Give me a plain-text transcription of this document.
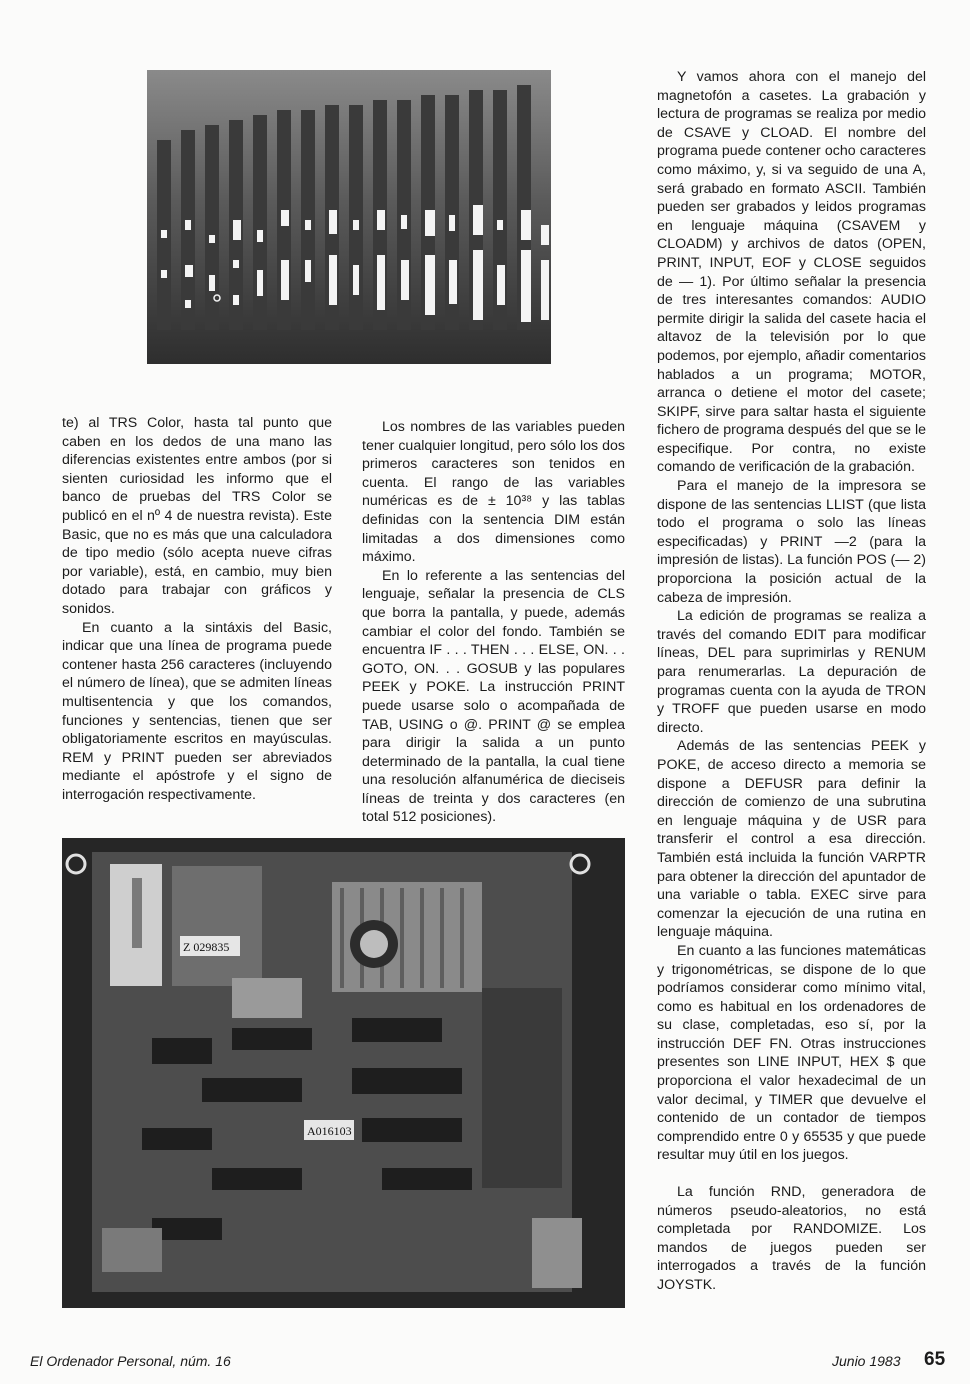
te) al TRS Color, hasta tal punto que caben en los dedos de una mano las diferencias existentes entre ambos (por si sienten curiosidad les informo que el banco de pruebas del TRS Color se publicó en el nº 4 de nuestra revista). Este Basic, que no es más que una calculadora de tipo medio (sólo acepta nueve cifras por variable), está, en cambio, muy bien dotado para trabajar con gráficos y sonidos.

En cuanto a la sintáxis del Basic, indicar que una línea de programa puede contener hasta 256 caracteres (incluyendo el número de línea), que se admiten líneas multisentencia y que los comandos, funciones y sentencias, tienen que ser obligatoriamente escritos en mayúsculas. REM y PRINT pueden ser abreviados mediante el apóstrofe y el signo de interrogación respectivamente.

Los nombres de las variables pueden tener cualquier longitud, pero sólo los dos primeros caracteres son tenidos en cuenta. El rango de las variables numéricas es de ± 10³⁸ y las tablas definidas con la sentencia DIM están limitadas a dos dimensiones como máximo.

En lo referente a las sentencias del lenguaje, señalar la presencia de CLS que borra la pantalla, y puede, además cambiar el color del fondo. También se encuentra IF . . . THEN . . . ELSE, ON. . . GOTO, ON. . . GOSUB y las populares PEEK y POKE. La instrucción PRINT puede usarse solo o acompañada de TAB, USING o @. PRINT @ se emplea para dirigir la salida a un punto determinado de la pantalla, la cual tiene una resolución alfanumérica de dieciseis líneas de treinta y dos caracteres (en total 512 posiciones).

Y vamos ahora con el manejo del magnetofón a casetes. La grabación y lectura de programas se realiza por medio de CSAVE y CLOAD. El nombre del programa puede contener ocho caracteres como máximo, y, si va seguido de una A, será grabado en formato ASCII. También pueden ser grabados y leidos programas en lenguaje máquina (CSAVEM y CLOADM) y archivos de datos (OPEN, PRINT, INPUT, EOF y CLOSE seguidos de — 1). Por último señalar la presencia de tres interesantes comandos: AUDIO permite dirigir la salida del casete hacia el altavoz de la televisión por lo que podemos, por ejemplo, añadir comentarios hablados a un programa; MOTOR, arranca o detiene el motor del casete; SKIPF, sirve para saltar hasta el siguiente fichero de programa después del que se le especifique. Por contra, no existe comando de verificación de la grabación.

Para el manejo de la impresora se dispone de las sentencias LLIST (que lista todo el programa o solo las líneas especificadas) y PRINT —2 (para la impresión de listas). La función POS (— 2) proporciona la posición actual de la cabeza de impresión.

La edición de programas se realiza a través del comando EDIT para modificar líneas, DEL para suprimirlas y RENUM para renumerarlas. La depuración de programas cuenta con la ayuda de TRON y TROFF que pueden usarse en modo directo.

Además de las sentencias PEEK y POKE, de acceso directo a memoria se dispone a DEFUSR para definir la dirección de comienzo de una subrutina en lenguaje máquina y de USR para transferir el control a esa dirección. También está incluida la función VARPTR para obtener la dirección del apuntador de una variable o tabla. EXEC sirve para comenzar la ejecución de una rutina en lenguaje máquina.

En cuanto a las funciones matemáticas y trigonométricas, se dispone de lo que podríamos considerar como mínimo vital, como es habitual en los ordenadores de su clase, completadas, eso sí, por la instrucción DEF FN. Otras instrucciones presentes son LINE INPUT, HEX $ que proporciona el valor hexadecimal de un valor decimal, y TIMER que devuelve el contenido de un contador de tiempos comprendido entre 0 y 65535 y que puede resultar muy útil en los juegos.

La función RND, generadora de números pseudo-aleatorios, no está completada por RANDOMIZE. Los mandos de juegos pueden ser interrogados a través de la función JOYSTK.

Z 029835
A016103
El Ordenador Personal, núm. 16	Junio 1983 65
